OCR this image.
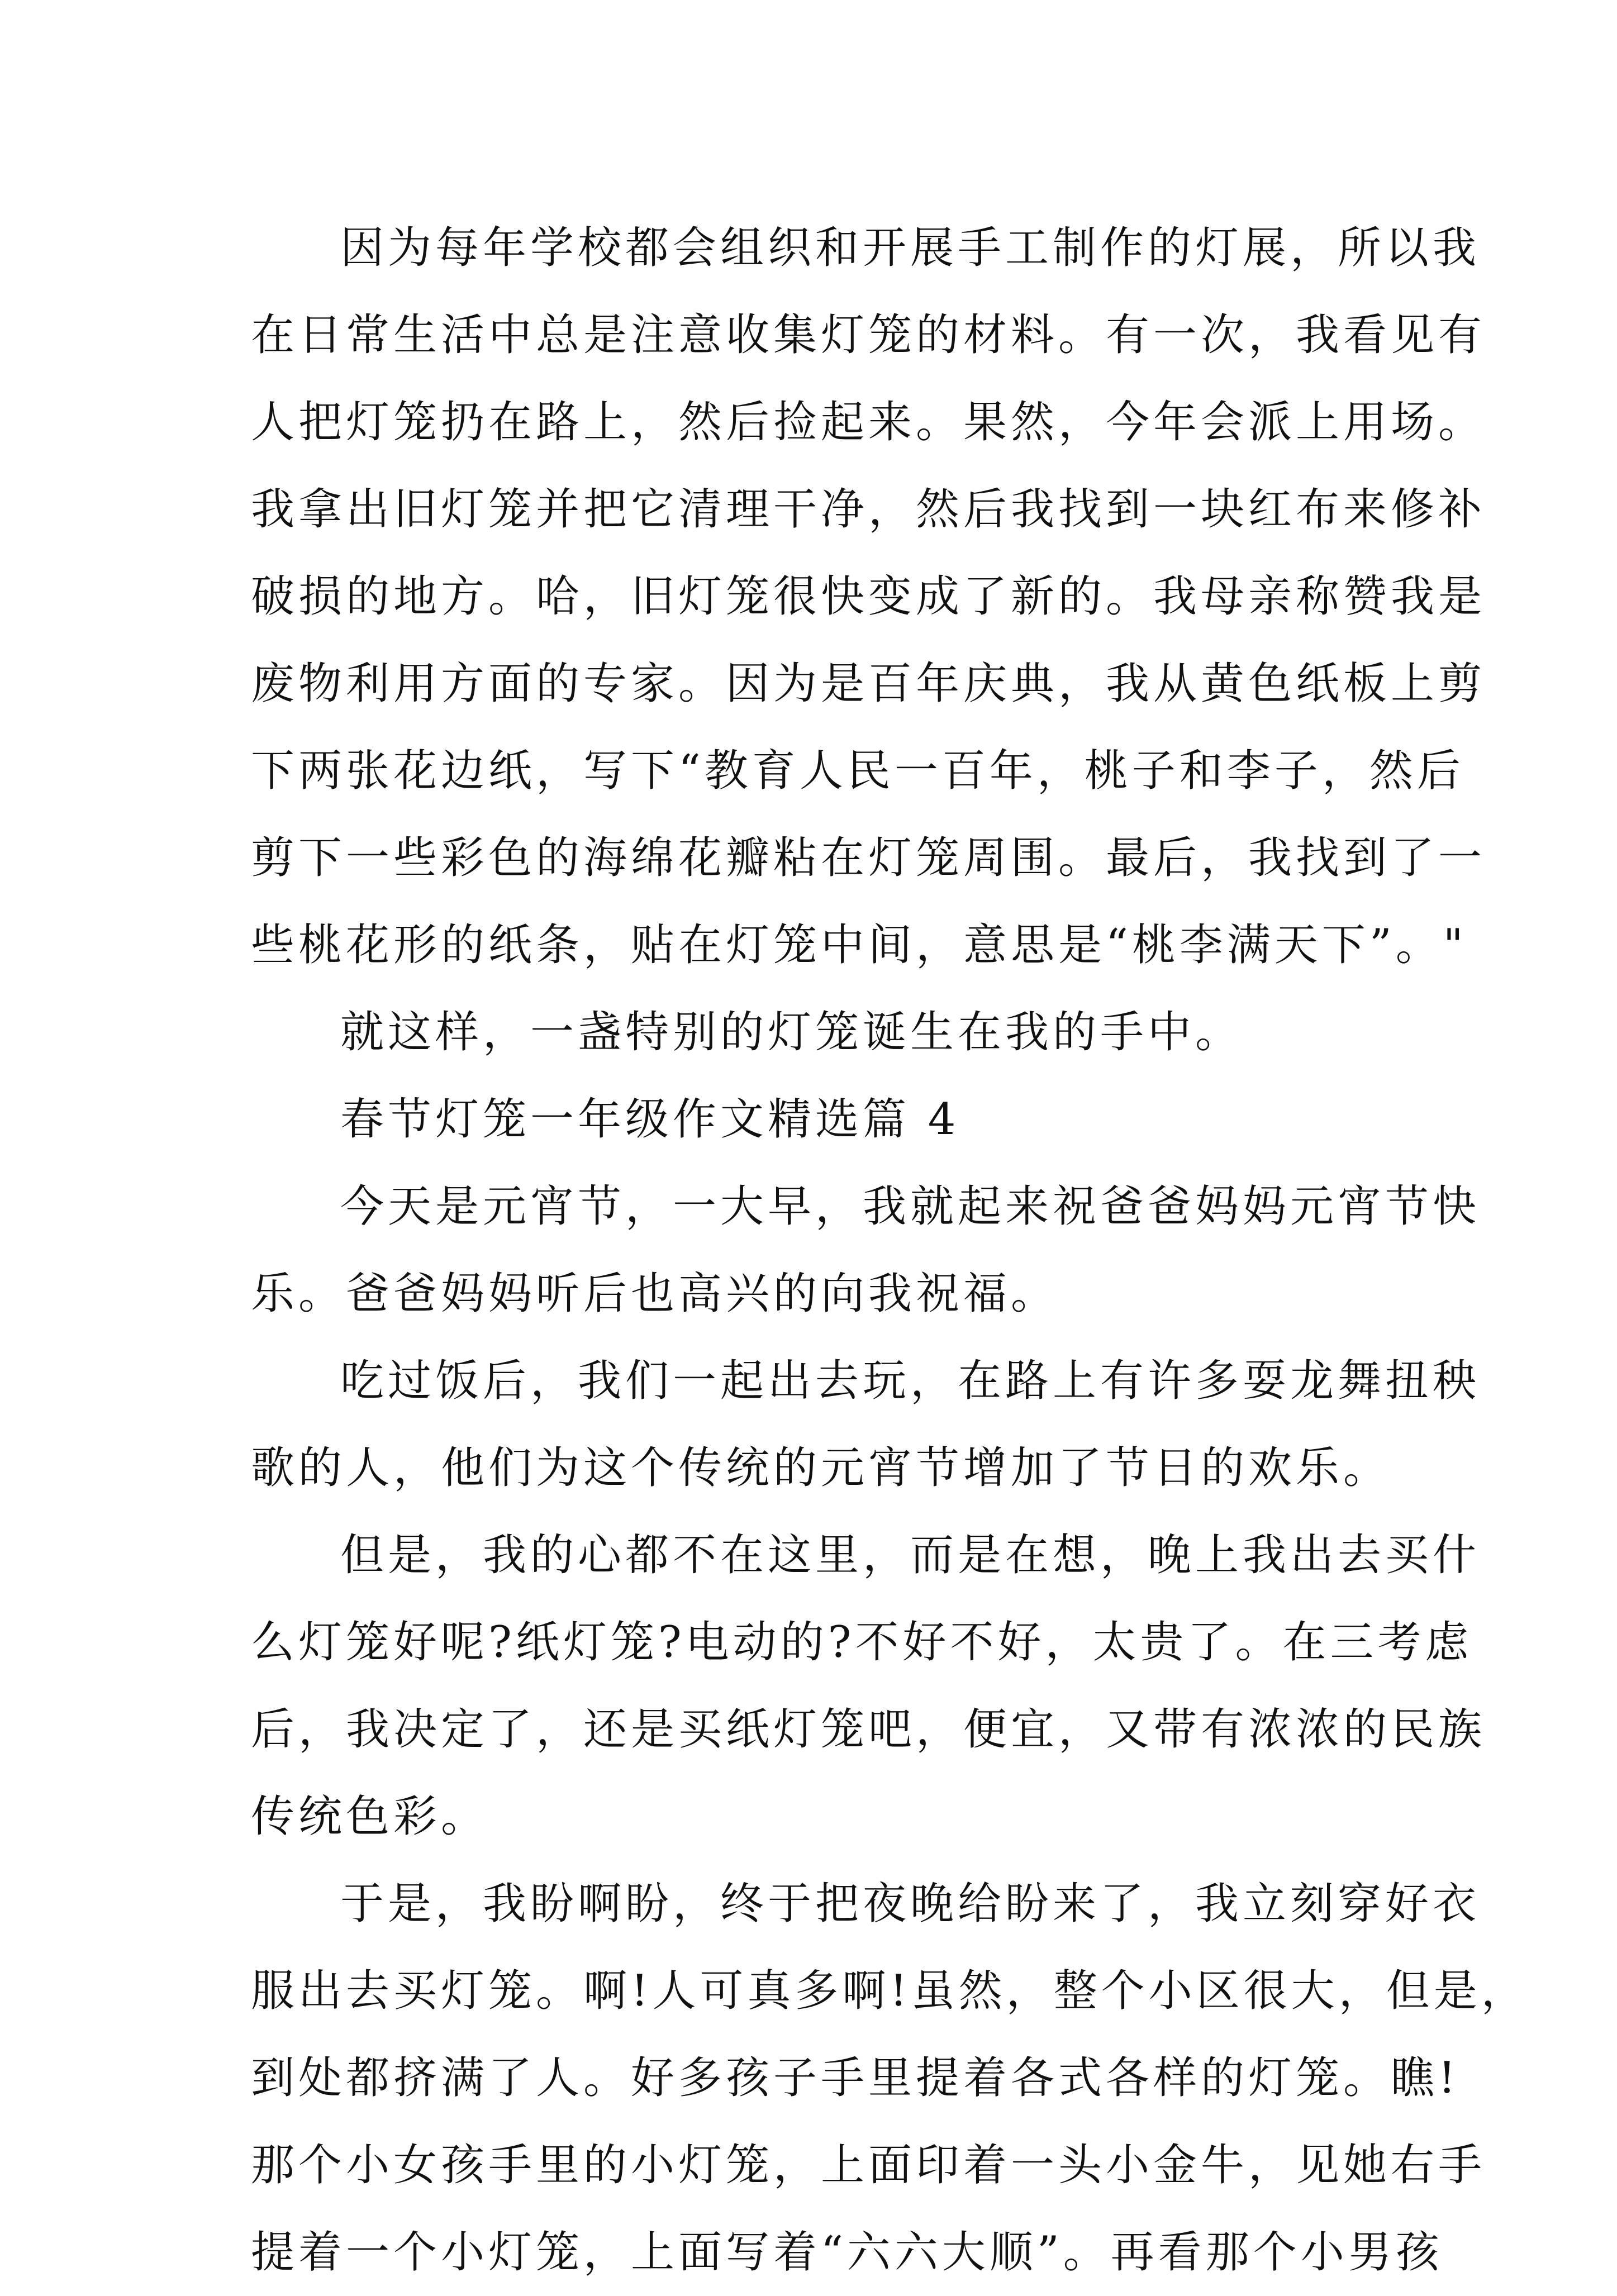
因为每年学校都会组织和开展手工制作的灯展，所以我
在日常生活中总是注意收集灯笼的材料。有一次，我看见有
人把灯笼扔在路上，然后捡起来。果然，今年会派上用场。
我拿出旧灯笼并把它清理干净，然后我找到一块红布来修补
破损的地方。哈，旧灯笼很快变成了新的。我母亲称赞我是
废物利用方面的专家。因为是百年庆典，我从黄色纸板上剪
下两张花边纸，写下“教育人民一百年，桃子和李子，然后
剪下一些彩色的海绵花瓣粘在灯笼周围。最后，我找到了一
些桃花形的纸条，贴在灯笼中间，意思是“桃李满天下”。"
就这样，一盏特别的灯笼诞生在我的手中。
春节灯笼一年级作文精选篇 4
今天是元宵节，一大早，我就起来祝爸爸妈妈元宵节快
乐。爸爸妈妈听后也高兴的向我祝福。
吃过饭后，我们一起出去玩，在路上有许多耍龙舞扭秧
歌的人，他们为这个传统的元宵节增加了节日的欢乐。
但是，我的心都不在这里，而是在想，晚上我出去买什
么灯笼好呢?纸灯笼?电动的?不好不好，太贵了。在三考虑
后，我决定了，还是买纸灯笼吧，便宜，又带有浓浓的民族
传统色彩。
于是，我盼啊盼，终于把夜晚给盼来了，我立刻穿好衣
服出去买灯笼。啊!人可真多啊!虽然，整个小区很大，但是，
到处都挤满了人。好多孩子手里提着各式各样的灯笼。瞧!
那个小女孩手里的小灯笼，上面印着一头小金牛，见她右手
提着一个小灯笼，上面写着“六六大顺”。再看那个小男孩
